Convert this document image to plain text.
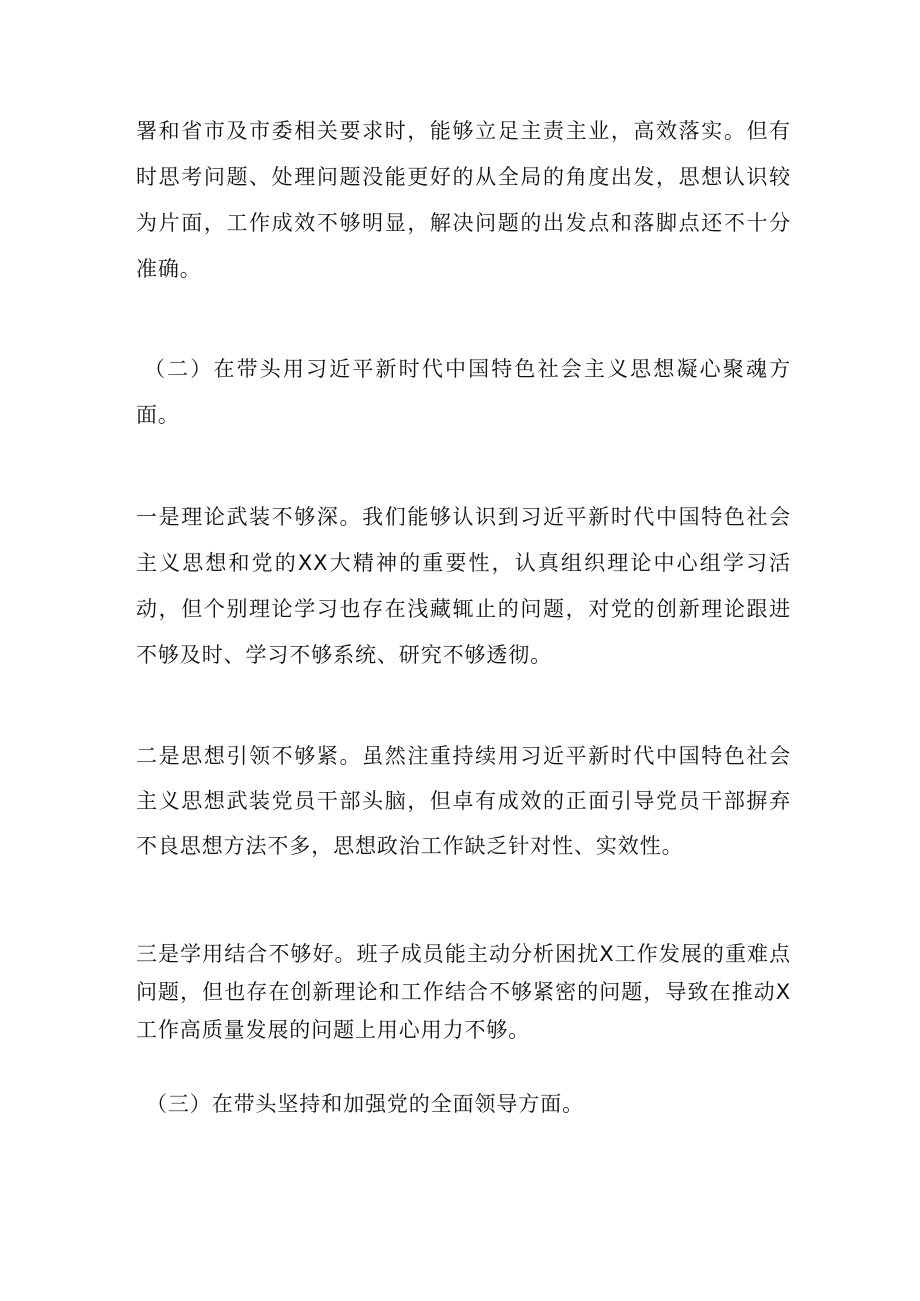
署和省市及市委相关要求时，能够立足主责主业，高效落实。但有时思考问题、处理问题没能更好的从全局的角度出发，思想认识较为片面，工作成效不够明显，解决问题的出发点和落脚点还不十分准确。

（二）在带头用习近平新时代中国特色社会主义思想凝心聚魂方面。

一是理论武装不够深。我们能够认识到习近平新时代中国特色社会主义思想和党的XX大精神的重要性，认真组织理论中心组学习活动，但个别理论学习也存在浅藏辄止的问题，对党的创新理论跟进不够及时、学习不够系统、研究不够透彻。

二是思想引领不够紧。虽然注重持续用习近平新时代中国特色社会主义思想武装党员干部头脑，但卓有成效的正面引导党员干部摒弃不良思想方法不多，思想政治工作缺乏针对性、实效性。

三是学用结合不够好。班子成员能主动分析困扰X工作发展的重难点问题，但也存在创新理论和工作结合不够紧密的问题，导致在推动X工作高质量发展的问题上用心用力不够。

（三）在带头坚持和加强党的全面领导方面。
